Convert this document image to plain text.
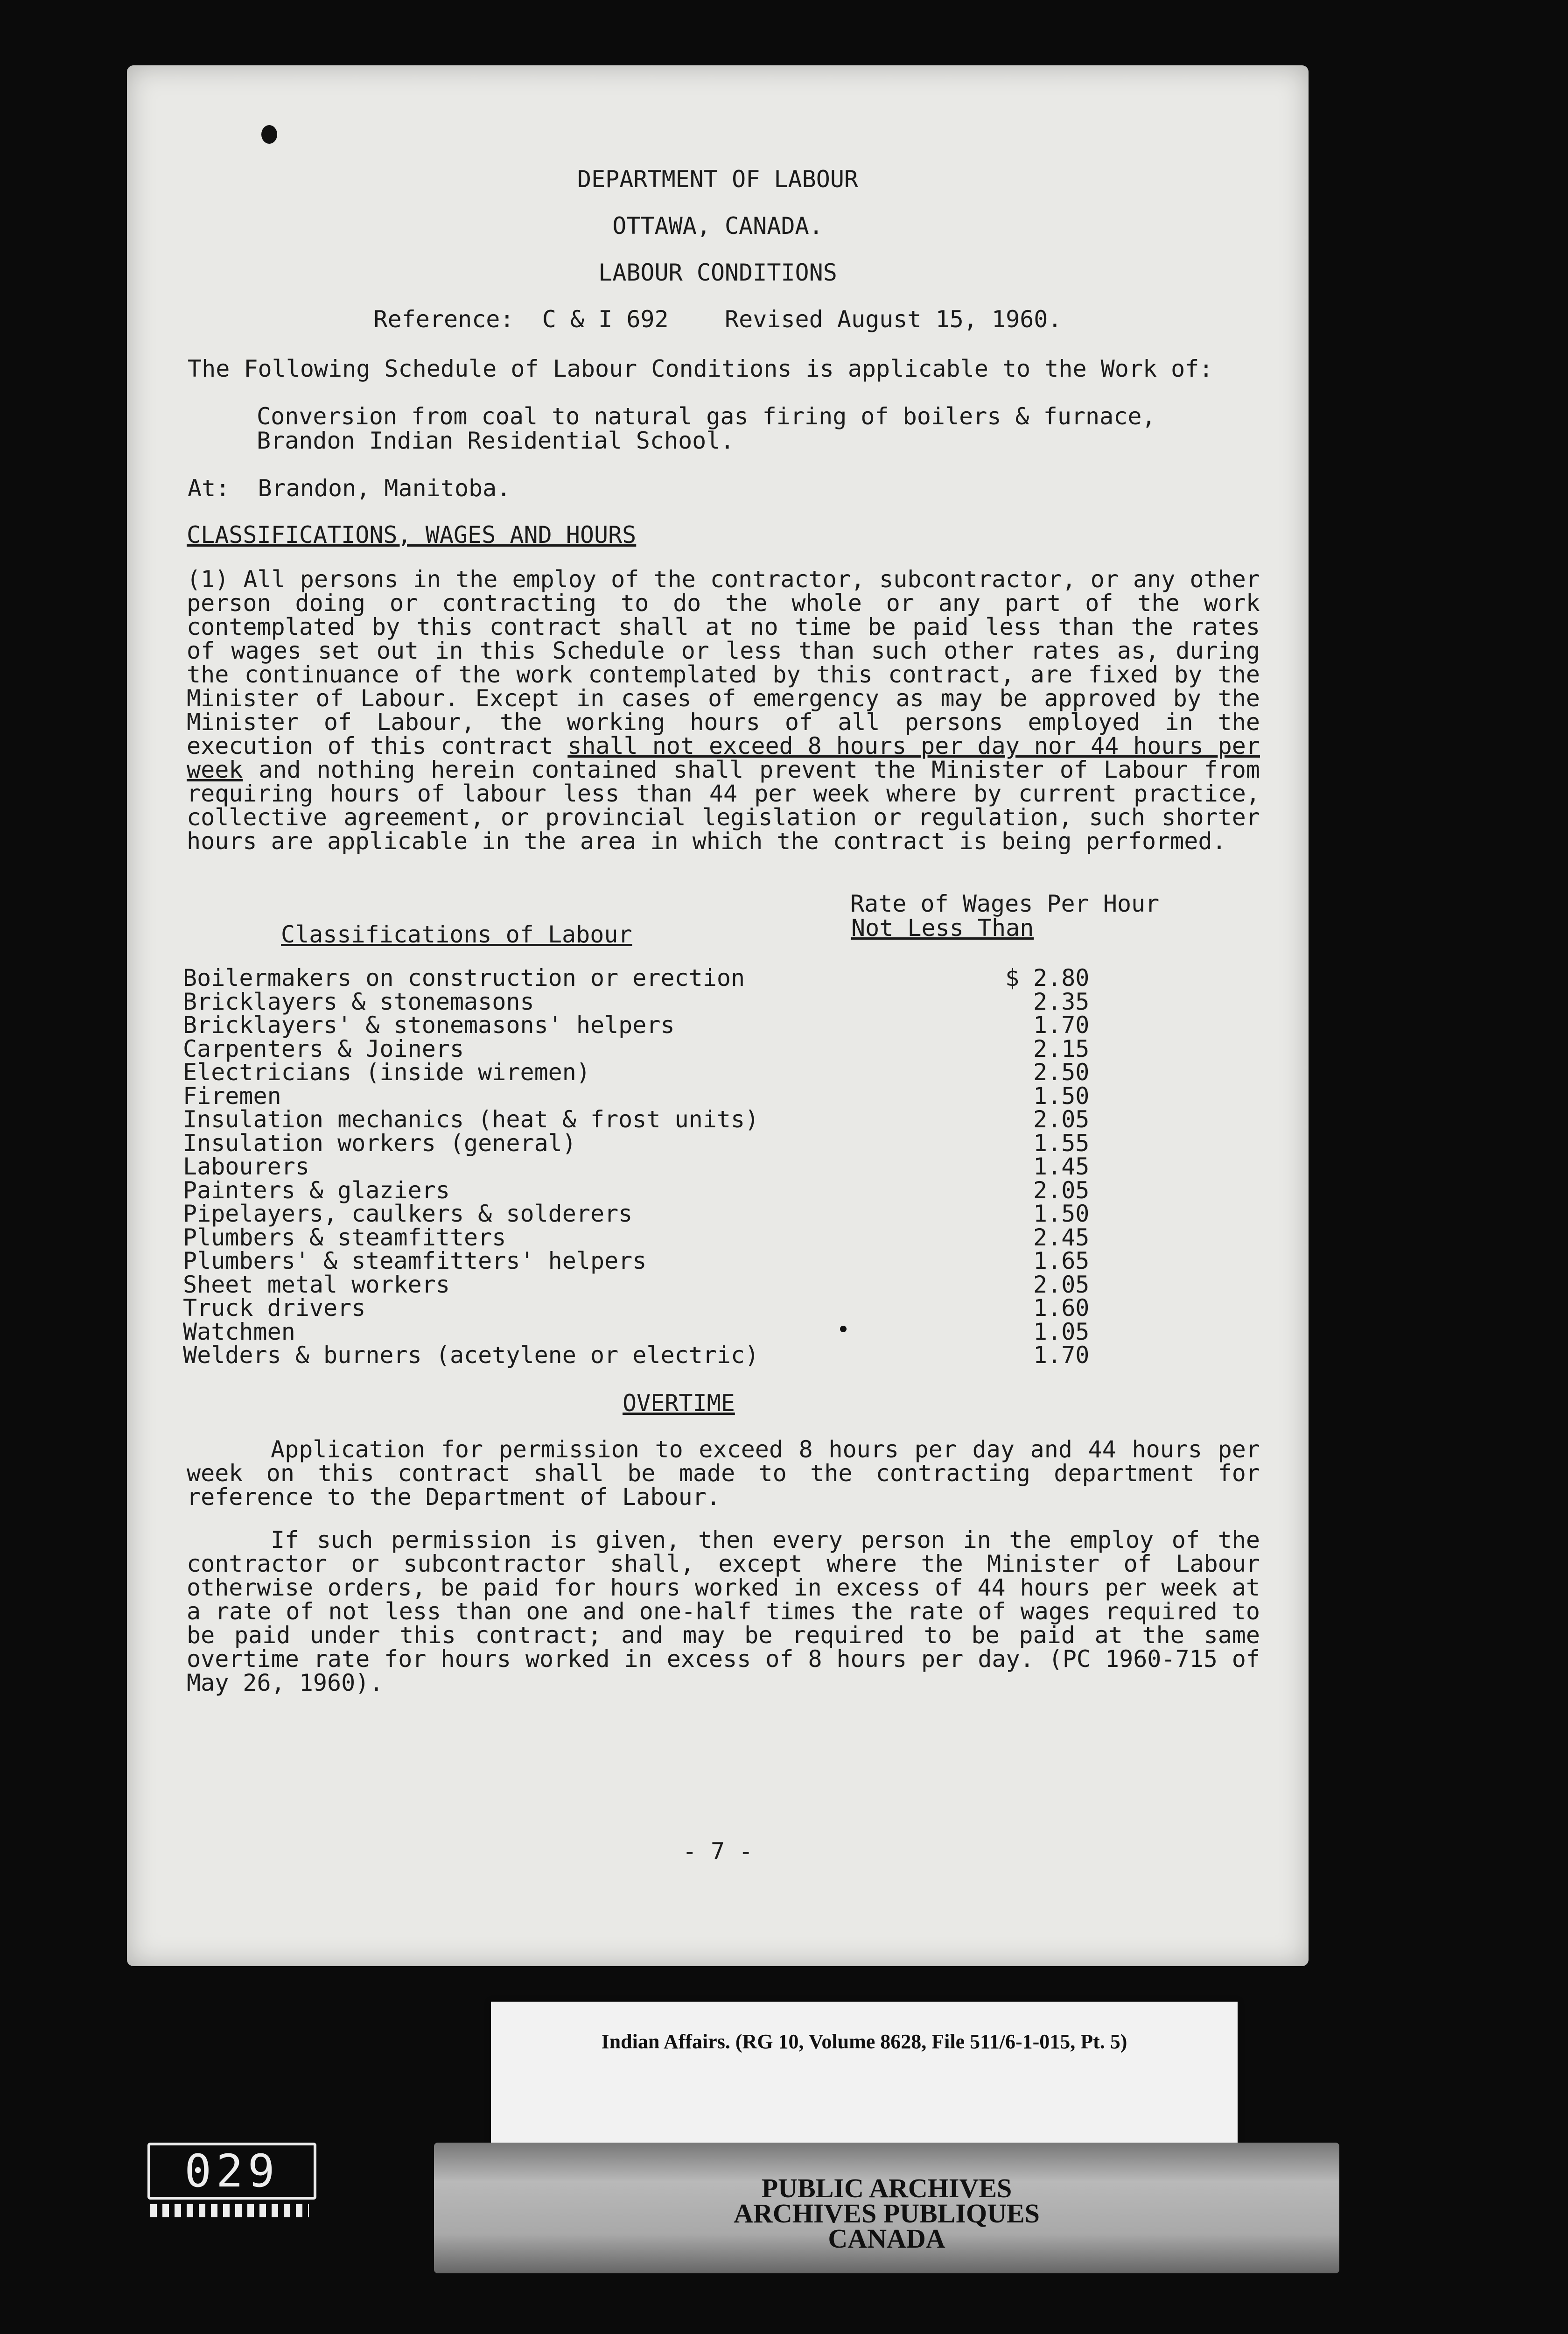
DEPARTMENT OF LABOUR
OTTAWA, CANADA.
LABOUR CONDITIONS
Reference:  C & I 692    Revised August 15, 1960.
The Following Schedule of Labour Conditions is applicable to the Work of:
Conversion from coal to natural gas firing of boilers & furnace,
Brandon Indian Residential School.
At:  Brandon, Manitoba.
CLASSIFICATIONS, WAGES AND HOURS
(1) All persons in the employ of the contractor, subcontractor, or any other person doing or contracting to do the whole or any part of the work contemplated by this contract shall at no time be paid less than the rates of wages set out in this Schedule or less than such other rates as, during the continuance of the work contemplated by this contract, are fixed by the Minister of Labour. Except in cases of emergency as may be approved by the Minister of Labour, the working hours of all persons employed in the execution of this contract shall not exceed 8 hours per day nor 44 hours per week and nothing herein contained shall prevent the Minister of Labour from requiring hours of labour less than 44 per week where by current practice, collective agreement, or provincial legislation or regulation, such shorter hours are applicable in the area in which the contract is being performed.
Rate of Wages Per Hour
Not Less Than
Classifications of Labour
Boilermakers on construction or erection	$ 2.80
Bricklayers & stonemasons	2.35
Bricklayers' & stonemasons' helpers	1.70
Carpenters & Joiners	2.15
Electricians (inside wiremen)	2.50
Firemen	1.50
Insulation mechanics (heat & frost units)	2.05
Insulation workers (general)	1.55
Labourers	1.45
Painters & glaziers	2.05
Pipelayers, caulkers & solderers	1.50
Plumbers & steamfitters	2.45
Plumbers' & steamfitters' helpers	1.65
Sheet metal workers	2.05
Truck drivers	1.60
Watchmen	1.05
Welders & burners (acetylene or electric)	1.70
OVERTIME
Application for permission to exceed 8 hours per day and 44 hours per week on this contract shall be made to the contracting department for reference to the Department of Labour.
If such permission is given, then every person in the employ of the contractor or subcontractor shall, except where the Minister of Labour otherwise orders, be paid for hours worked in excess of 44 hours per week at a rate of not less than one and one-half times the rate of wages required to be paid under this contract; and may be required to be paid at the same overtime rate for hours worked in excess of 8 hours per day. (PC 1960-715 of May 26, 1960).
- 7 -
Indian Affairs. (RG 10, Volume 8628, File 511/6-1-015, Pt. 5)
PUBLIC ARCHIVES
ARCHIVES PUBLIQUES
CANADA
029
